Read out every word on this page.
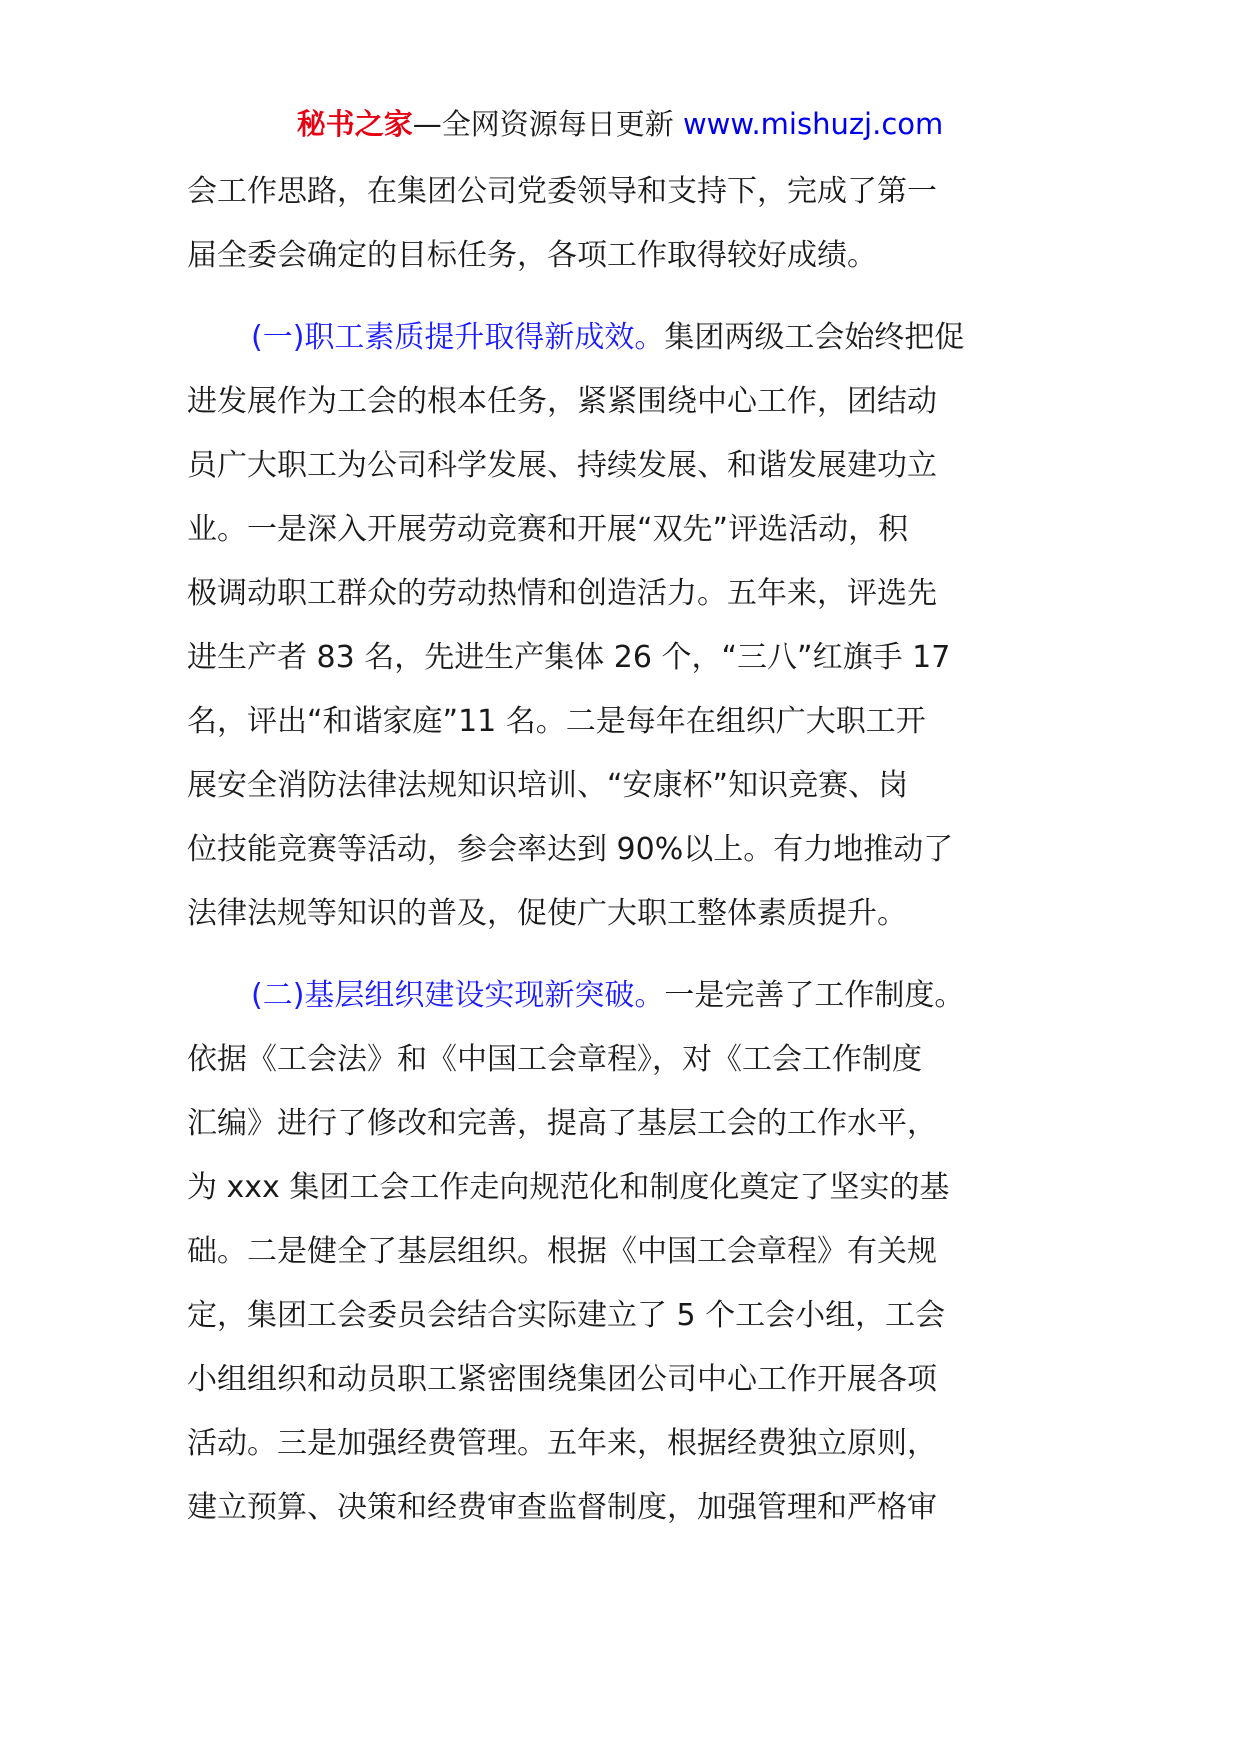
秘书之家—全网资源每日更新 www.mishuzj.com
会工作思路，在集团公司党委领导和支持下，完成了第一
届全委会确定的目标任务，各项工作取得较好成绩。
(一)职工素质提升取得新成效。集团两级工会始终把促
进发展作为工会的根本任务，紧紧围绕中心工作，团结动
员广大职工为公司科学发展、持续发展、和谐发展建功立
业。一是深入开展劳动竞赛和开展“双先”评选活动，积
极调动职工群众的劳动热情和创造活力。五年来，评选先
进生产者 83 名，先进生产集体 26 个，“三八”红旗手 17
名，评出“和谐家庭”11 名。二是每年在组织广大职工开
展安全消防法律法规知识培训、“安康杯”知识竞赛、岗
位技能竞赛等活动，参会率达到 90%以上。有力地推动了
法律法规等知识的普及，促使广大职工整体素质提升。
(二)基层组织建设实现新突破。一是完善了工作制度。
依据《工会法》和《中国工会章程》，对《工会工作制度
汇编》进行了修改和完善，提高了基层工会的工作水平，
为 xxx 集团工会工作走向规范化和制度化奠定了坚实的基
础。二是健全了基层组织。根据《中国工会章程》有关规
定，集团工会委员会结合实际建立了 5 个工会小组，工会
小组组织和动员职工紧密围绕集团公司中心工作开展各项
活动。三是加强经费管理。五年来，根据经费独立原则，
建立预算、决策和经费审查监督制度，加强管理和严格审
